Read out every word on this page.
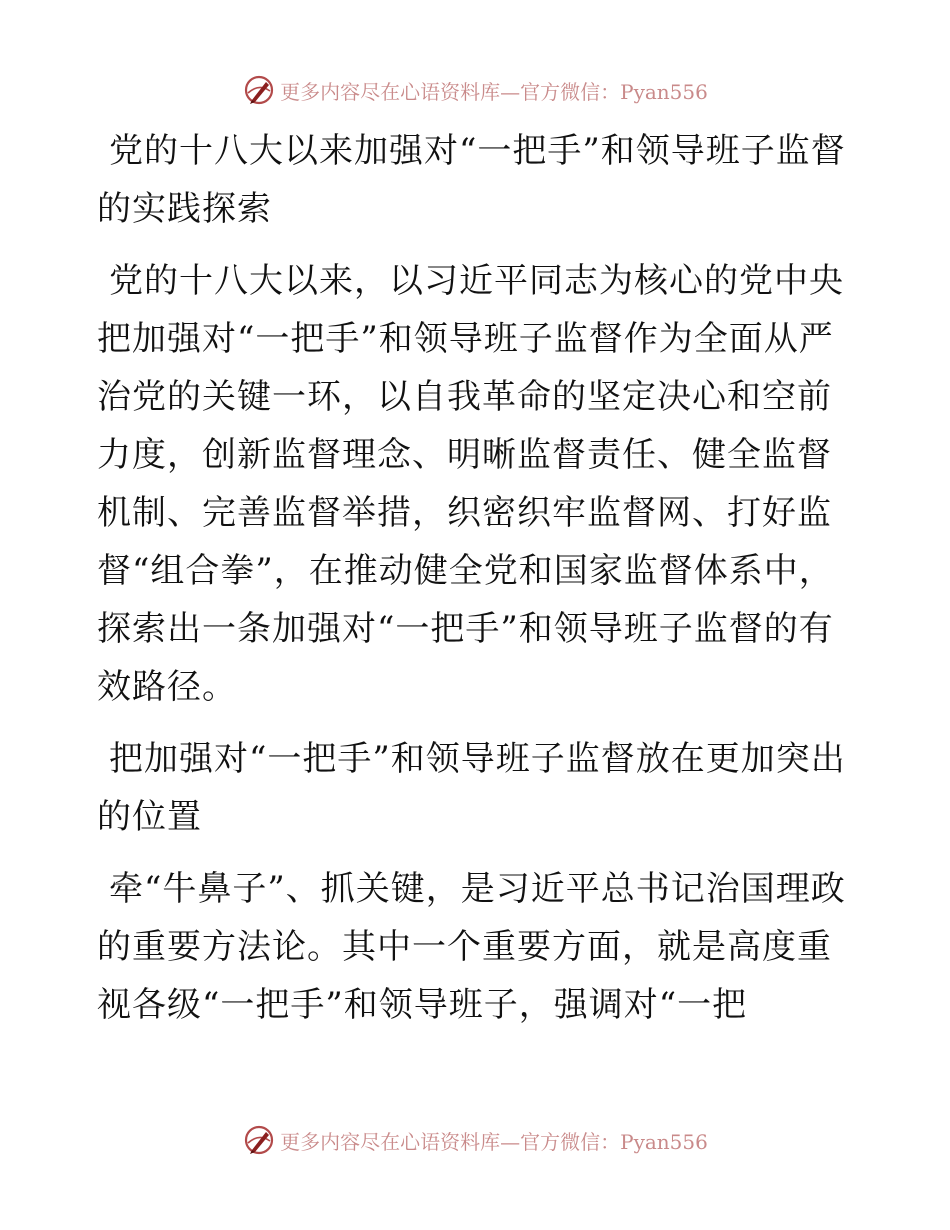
更多内容尽在心语资料库—官方微信：Pyan556

党的十八大以来加强对“一把手”和领导班子监督的实践探索

党的十八大以来，以习近平同志为核心的党中央把加强对“一把手”和领导班子监督作为全面从严治党的关键一环，以自我革命的坚定决心和空前力度，创新监督理念、明晰监督责任、健全监督机制、完善监督举措，织密织牢监督网、打好监督“组合拳”，在推动健全党和国家监督体系中，探索出一条加强对“一把手”和领导班子监督的有效路径。

把加强对“一把手”和领导班子监督放在更加突出的位置

牵“牛鼻子”、抓关键，是习近平总书记治国理政的重要方法论。其中一个重要方面，就是高度重视各级“一把手”和领导班子，强调对“一把

更多内容尽在心语资料库—官方微信：Pyan556
